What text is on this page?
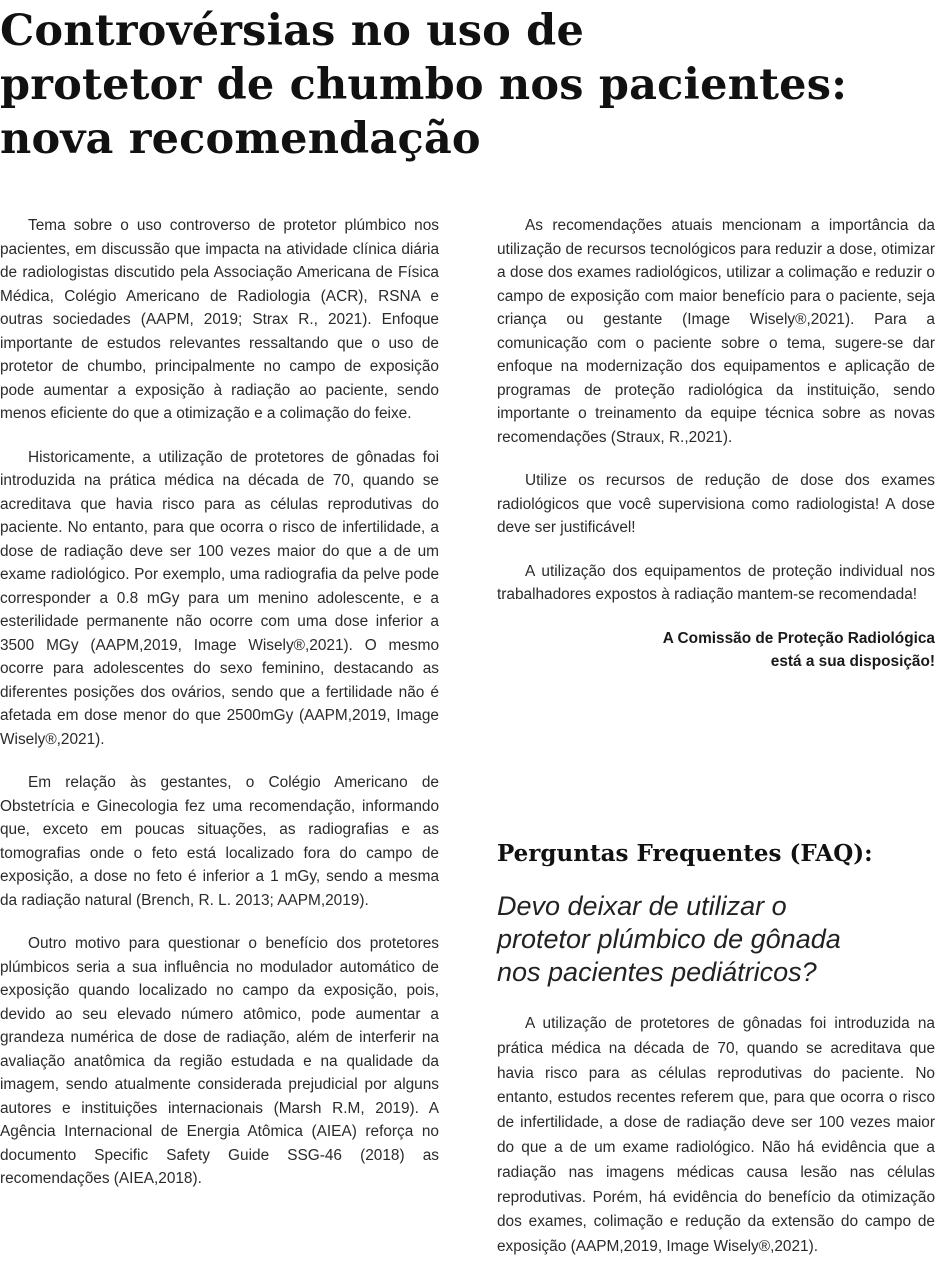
Controvérsias no uso de
protetor de chumbo nos pacientes:
nova recomendação

Tema sobre o uso controverso de protetor plúmbico nos pacientes, em discussão que impacta na atividade clínica diária de radiologistas discutido pela Associação Americana de Física Médica, Colégio Americano de Radiologia (ACR), RSNA e outras sociedades (AAPM, 2019; Strax R., 2021). Enfoque importante de estudos relevantes ressaltando que o uso de protetor de chumbo, principalmente no campo de exposição pode aumentar a exposição à radiação ao paciente, sendo menos eficiente do que a otimização e a colimação do feixe.

Historicamente, a utilização de protetores de gônadas foi introduzida na prática médica na década de 70, quando se acreditava que havia risco para as células reprodutivas do paciente. No entanto, para que ocorra o risco de infertilidade, a dose de radiação deve ser 100 vezes maior do que a de um exame radiológico. Por exemplo, uma radiografia da pelve pode corresponder a 0.8 mGy para um menino adolescente, e a esterilidade permanente não ocorre com uma dose inferior a 3500 MGy (AAPM,2019, Image Wisely®,2021). O mesmo ocorre para adolescentes do sexo feminino, destacando as diferentes posições dos ovários, sendo que a fertilidade não é afetada em dose menor do que 2500mGy (AAPM,2019, Image Wisely®,2021).

Em relação às gestantes, o Colégio Americano de Obstetrícia e Ginecologia fez uma recomendação, informando que, exceto em poucas situações, as radiografias e as tomografias onde o feto está localizado fora do campo de exposição, a dose no feto é inferior a 1 mGy, sendo a mesma da radiação natural (Brench, R. L. 2013; AAPM,2019).

Outro motivo para questionar o benefício dos protetores plúmbicos seria a sua influência no modulador automático de exposição quando localizado no campo da exposição, pois, devido ao seu elevado número atômico, pode aumentar a grandeza numérica de dose de radiação, além de interferir na avaliação anatômica da região estudada e na qualidade da imagem, sendo atualmente considerada prejudicial por alguns autores e instituições internacionais (Marsh R.M, 2019). A Agência Internacional de Energia Atômica (AIEA) reforça no documento Specific Safety Guide SSG-46 (2018) as recomendações (AIEA,2018).

As recomendações atuais mencionam a importância da utilização de recursos tecnológicos para reduzir a dose, otimizar a dose dos exames radiológicos, utilizar a colimação e reduzir o campo de exposição com maior benefício para o paciente, seja criança ou gestante (Image Wisely®,2021). Para a comunicação com o paciente sobre o tema, sugere-se dar enfoque na modernização dos equipamentos e aplicação de programas de proteção radiológica da instituição, sendo importante o treinamento da equipe técnica sobre as novas recomendações (Straux, R.,2021).

Utilize os recursos de redução de dose dos exames radiológicos que você supervisiona como radiologista! A dose deve ser justificável!

A utilização dos equipamentos de proteção individual nos trabalhadores expostos à radiação mantem-se recomendada!

A Comissão de Proteção Radiológica
está a sua disposição!
Perguntas Frequentes (FAQ):
Devo deixar de utilizar o
protetor plúmbico de gônada
nos pacientes pediátricos?

A utilização de protetores de gônadas foi introduzida na prática médica na década de 70, quando se acreditava que havia risco para as células reprodutivas do paciente. No entanto, estudos recentes referem que, para que ocorra o risco de infertilidade, a dose de radiação deve ser 100 vezes maior do que a de um exame radiológico. Não há evidência que a radiação nas imagens médicas causa lesão nas células reprodutivas. Porém, há evidência do benefício da otimização dos exames, colimação e redução da extensão do campo de exposição (AAPM,2019, Image Wisely®,2021).
